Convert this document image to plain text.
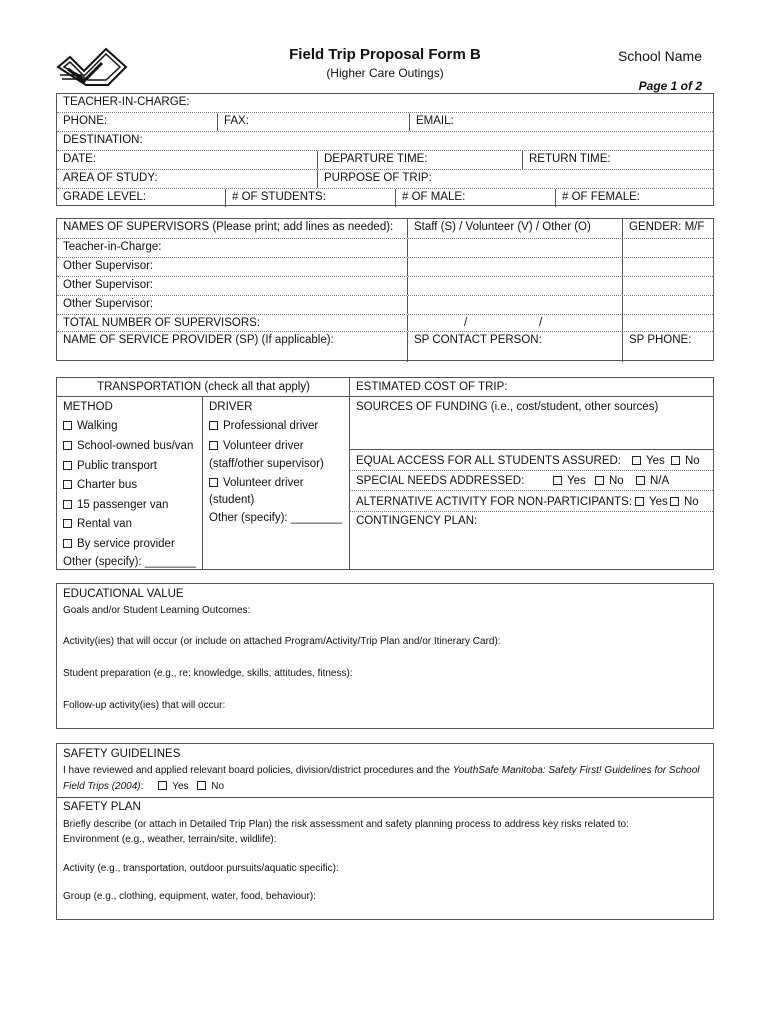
Field Trip Proposal Form B
(Higher Care Outings)
School Name
Page 1 of 2
TEACHER-IN-CHARGE:
PHONE:	FAX:	EMAIL:
DESTINATION:
DATE:	DEPARTURE TIME:	RETURN TIME:
AREA OF STUDY:	PURPOSE OF TRIP:
GRADE LEVEL:	# OF STUDENTS:	# OF MALE:	# OF FEMALE:
NAMES OF SUPERVISORS (Please print; add lines as needed):	Staff (S) / Volunteer (V) / Other (O)	GENDER: M/F
Teacher-in-Charge:
Other Supervisor:
Other Supervisor:
Other Supervisor:
TOTAL NUMBER OF SUPERVISORS:	/	/
NAME OF SERVICE PROVIDER (SP) (If applicable):	SP CONTACT PERSON:	SP PHONE:
TRANSPORTATION (check all that apply)
METHOD
Walking
School-owned bus/van
Public transport
Charter bus
15 passenger van
Rental van
By service provider
Other (specify): ________
DRIVER
Professional driver
Volunteer driver
(staff/other supervisor)
Volunteer driver
(student)
Other (specify): ________
ESTIMATED COST OF TRIP:
SOURCES OF FUNDING (i.e., cost/student, other sources)
EQUAL ACCESS FOR ALL STUDENTS ASSURED:	Yes	No
SPECIAL NEEDS ADDRESSED:	Yes	No	N/A
ALTERNATIVE ACTIVITY FOR NON-PARTICIPANTS:	Yes	No
CONTINGENCY PLAN:
EDUCATIONAL VALUE
Goals and/or Student Learning Outcomes:
Activity(ies) that will occur (or include on attached Program/Activity/Trip Plan and/or Itinerary Card):
Student preparation (e.g., re: knowledge, skills, attitudes, fitness):
Follow-up activity(ies) that will occur:
SAFETY GUIDELINES
I have reviewed and applied relevant board policies, division/district procedures and the YouthSafe Manitoba: Safety First! Guidelines for School
Field Trips (2004):	Yes No
SAFETY PLAN
Briefly describe (or attach in Detailed Trip Plan) the risk assessment and safety planning process to address key risks related to:
Environment (e.g., weather, terrain/site, wildlife):
Activity (e.g., transportation, outdoor pursuits/aquatic specific):
Group (e.g., clothing, equipment, water, food, behaviour):
